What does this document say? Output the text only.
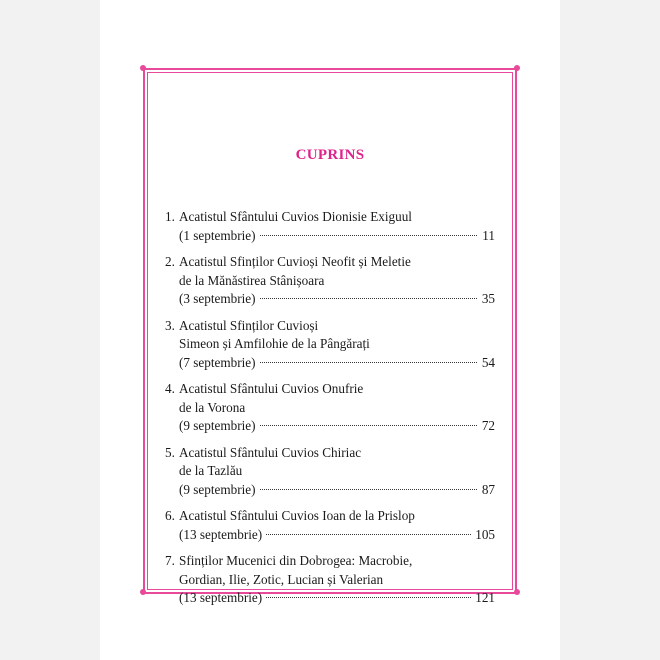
CUPRINS
1. Acatistul Sfântului Cuvios Dionisie Exiguul
(1 septembrie)	11
2. Acatistul Sfinților Cuvioși Neofit și Meletie
de la Mănăstirea Stânișoara
(3 septembrie)	35
3. Acatistul Sfinților Cuvioși
Simeon și Amfilohie de la Pângărați
(7 septembrie)	54
4. Acatistul Sfântului Cuvios Onufrie
de la Vorona
(9 septembrie)	72
5. Acatistul Sfântului Cuvios Chiriac
de la Tazlău
(9 septembrie)	87
6. Acatistul Sfântului Cuvios Ioan de la Prislop
(13 septembrie)	105
7. Sfinților Mucenici din Dobrogea: Macrobie,
Gordian, Ilie, Zotic, Lucian și Valerian
(13 septembrie)	121
